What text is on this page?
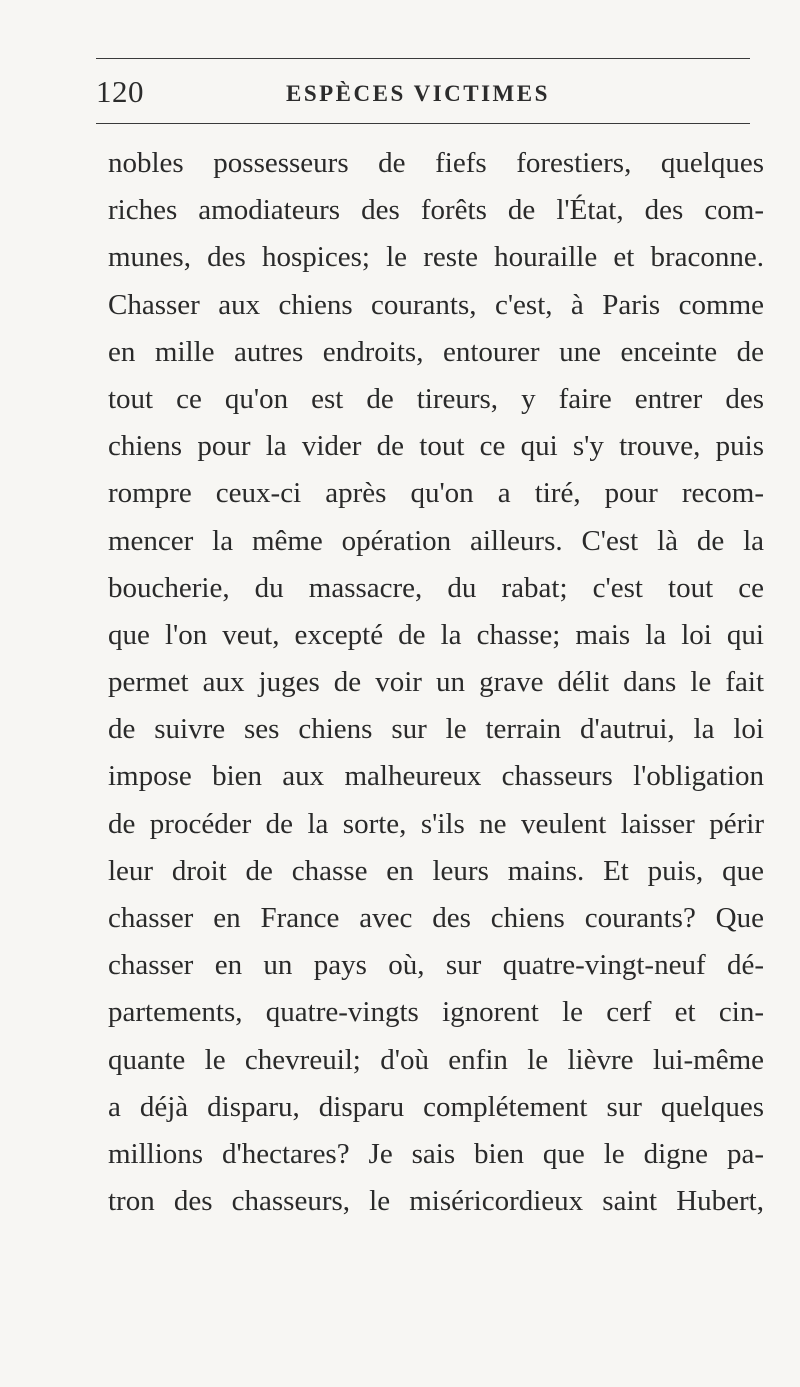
120	ESPÈCES VICTIMES
nobles possesseurs de fiefs forestiers, quelques
riches amodiateurs des forêts de l'État, des com-
munes, des hospices; le reste houraille et braconne.
Chasser aux chiens courants, c'est, à Paris comme
en mille autres endroits, entourer une enceinte de
tout ce qu'on est de tireurs, y faire entrer des
chiens pour la vider de tout ce qui s'y trouve, puis
rompre ceux-ci après qu'on a tiré, pour recom-
mencer la même opération ailleurs. C'est là de la
boucherie, du massacre, du rabat; c'est tout ce
que l'on veut, excepté de la chasse; mais la loi qui
permet aux juges de voir un grave délit dans le fait
de suivre ses chiens sur le terrain d'autrui, la loi
impose bien aux malheureux chasseurs l'obligation
de procéder de la sorte, s'ils ne veulent laisser périr
leur droit de chasse en leurs mains. Et puis, que
chasser en France avec des chiens courants? Que
chasser en un pays où, sur quatre-vingt-neuf dé-
partements, quatre-vingts ignorent le cerf et cin-
quante le chevreuil; d'où enfin le lièvre lui-même
a déjà disparu, disparu complétement sur quelques
millions d'hectares? Je sais bien que le digne pa-
tron des chasseurs, le miséricordieux saint Hubert,
